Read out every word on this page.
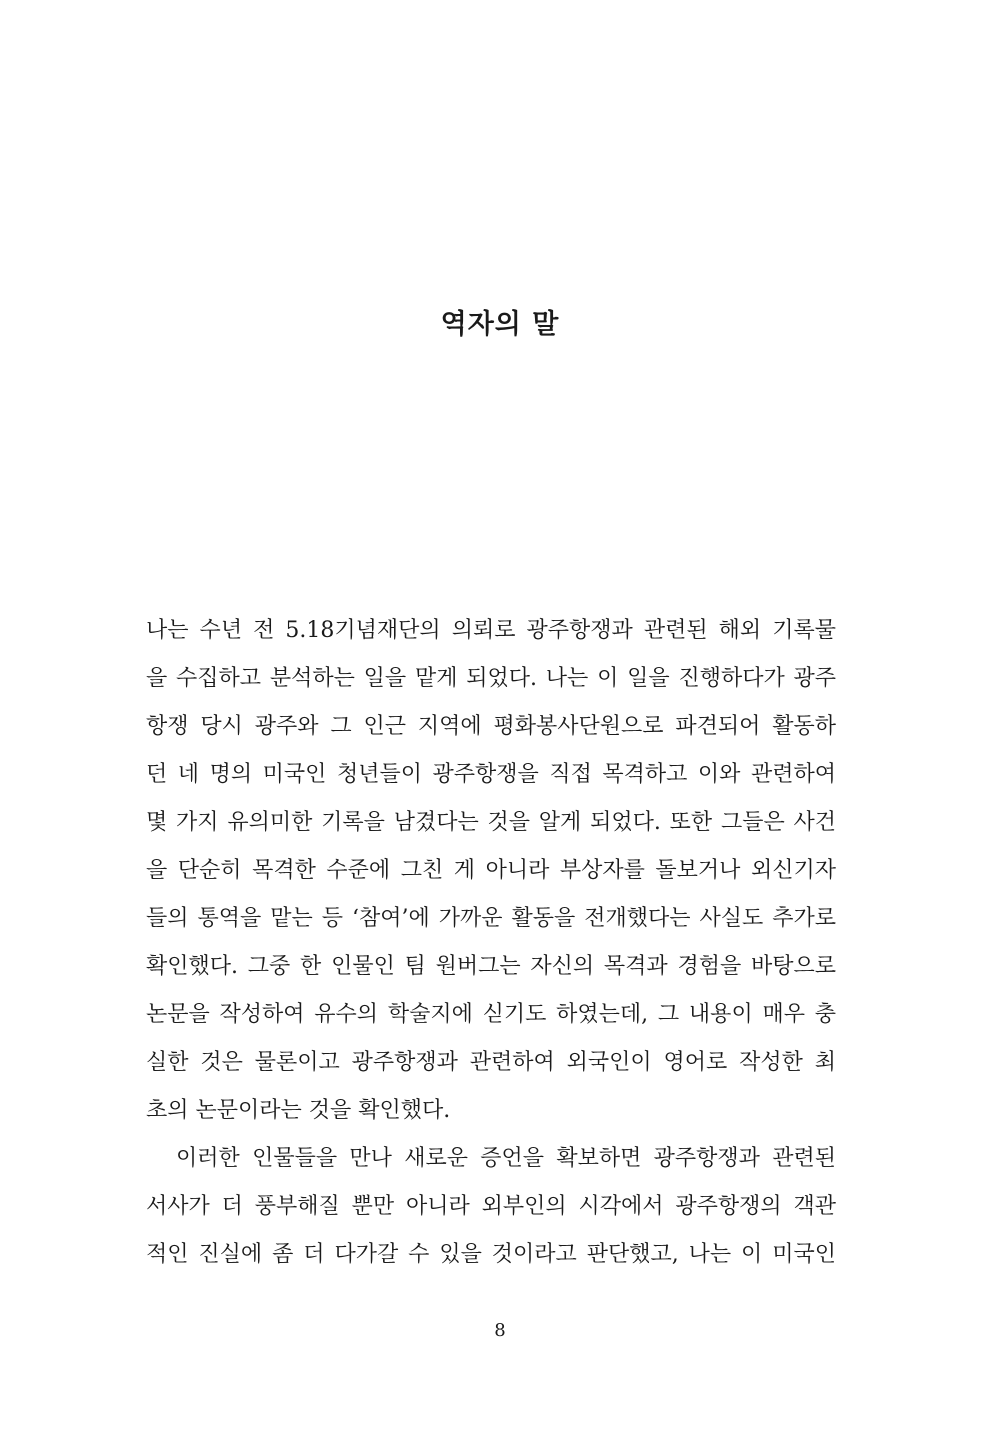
역자의 말
나는 수년 전 5.18기념재단의 의뢰로 광주항쟁과 관련된 해외 기록물
을 수집하고 분석하는 일을 맡게 되었다. 나는 이 일을 진행하다가 광주
항쟁 당시 광주와 그 인근 지역에 평화봉사단원으로 파견되어 활동하
던 네 명의 미국인 청년들이 광주항쟁을 직접 목격하고 이와 관련하여
몇 가지 유의미한 기록을 남겼다는 것을 알게 되었다. 또한 그들은 사건
을 단순히 목격한 수준에 그친 게 아니라 부상자를 돌보거나 외신기자
들의 통역을 맡는 등 ‘참여’에 가까운 활동을 전개했다는 사실도 추가로
확인했다. 그중 한 인물인 팀 원버그는 자신의 목격과 경험을 바탕으로
논문을 작성하여 유수의 학술지에 싣기도 하였는데, 그 내용이 매우 충
실한 것은 물론이고 광주항쟁과 관련하여 외국인이 영어로 작성한 최
초의 논문이라는 것을 확인했다.
이러한 인물들을 만나 새로운 증언을 확보하면 광주항쟁과 관련된
서사가 더 풍부해질 뿐만 아니라 외부인의 시각에서 광주항쟁의 객관
적인 진실에 좀 더 다가갈 수 있을 것이라고 판단했고, 나는 이 미국인
8
